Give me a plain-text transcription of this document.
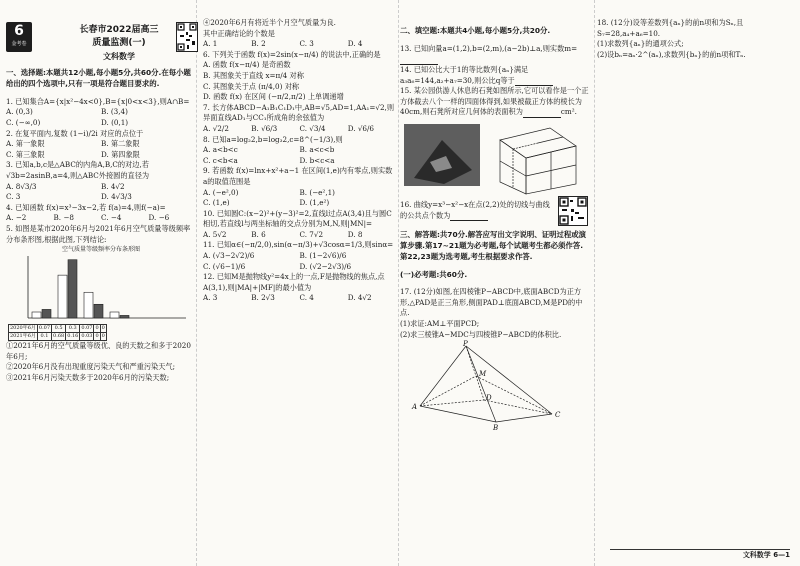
6
金考卷
长春市2022届高三
质量监测(一)
文科数学

一、选择题:本题共12小题,每小题5分,共60分.在每小题给出的四个选项中,只有一项是符合题目要求的.

1. 已知集合A={x|x²−4x<0},B={x|0<x<3},则A∩B=

A. (0,3)	B. (3,4)
C. (−∞,0)	D. (0,1)

2. 在复平面内,复数 (1−i)/2i 对应的点位于

A. 第一象限	B. 第二象限
C. 第三象限	D. 第四象限

3. 已知a,b,c是△ABC的内角A,B,C的对边,若√3b=2asinB,a=4,则△ABC外接圆的直径为

A. 8√3/3	B. 4√2
C. 3	D. 4√3/3

4. 已知函数 f(x)=x³−3x−2,若 f(a)=4,则f(−a)=

A. −2	B. −8	C. −4	D. −6

5. 如图是某市2020年6月与2021年6月空气质量等级频率分布条形图,根据此图,下列结论:

空气质量等级频率分布条形图

2020年6月	0.07	0.5	0.3	0.07	0	0
2021年6月	0.1	0.68	0.16	0.03	0	0

①2021年6月的空气质量等级优、良的天数之和多于2020年6月;

②2020年6月没有出现重度污染天气和严重污染天气;

③2021年6月污染天数多于2020年6月的污染天数;

④2020年6月有将近半个月空气质量为良.

其中正确结论的个数是

A. 1	B. 2	C. 3	D. 4

6. 下列关于函数 f(x)=2sin(x−π/4) 的说法中,正确的是

A. 函数 f(x−π/4) 是奇函数

B. 其图象关于直线 x=π/4 对称

C. 其图象关于点 (π/4,0) 对称

D. 函数 f(x) 在区间 (−π/2,π/2) 上单调递增

7. 长方体ABCD−A₁B₁C₁D₁中,AB=√5,AD=1,AA₁=√2,则异面直线AD₁与CC₁所成角的余弦值为

A. √2/2	B. √6/3	C. √3/4	D. √6/6

8. 已知a=log₂2,b=log₃2,c=8^(−1/3),则

A. a<b<c	B. a<c<b
C. c<b<a	D. b<c<a

9. 若函数 f(x)=lnx+x²+a−1 在区间(1,e)内有零点,则实数a的取值范围是

A. (−e²,0)	B. (−e²,1)
C. (1,e)	D. (1,e²)

10. 已知圆C:(x−2)²+(y−3)²=2,直线l过点A(3,4)且与圆C相切,若直线l与两坐标轴的交点分别为M,N,则|MN|=

A. 5√2	B. 6	C. 7√2	D. 8

11. 已知α∈(−π/2,0),sin(α−π/3)+√3cosα=1/3,则sinα=

A. (√3−2√2)/6	B. (1−2√6)/6
C. (√6−1)/6	D. (√2−2√3)/6

12. 已知M是抛物线y²=4x上的一点,F是抛物线的焦点,点A(3,1),则|MA|+|MF|的最小值为

A. 3	B. 2√3	C. 4	D. 4√2

二、填空题:本题共4小题,每小题5分,共20分.

13. 已知向量a=(1,2),b=(2,m),(a−2b)⊥a,则实数m=

14. 已知公比大于1的等比数列{aₙ}满足a₃a₆=144,a₂+a₇=30,则公比q等于

15. 某公园供游人休息的石凳如图所示,它可以看作是一个正方体截去八个一样的四面体得到,如果被截正方体的棱长为40cm,则石凳所对应几何体的表面积为	cm².

16. 曲线y=x³−x²−x在点(2,2)处的切线与曲线的公共点个数为

三、解答题:共70分.解答应写出文字说明、证明过程或演算步骤.第17~21题为必考题,每个试题考生都必须作答.第22,23题为选考题,考生根据要求作答.

(一)必考题:共60分.

17. (12分)如图,在四棱锥P−ABCD中,底面ABCD为正方形,△PAD是正三角形,侧面PAD⊥底面ABCD,M是PD的中点.

(1)求证:AM⊥平面PCD;

(2)求三棱锥A−MDC与四棱锥P−ABCD的体积比.

P
M
D
A
B
C

18. (12分)设等差数列{aₙ}的前n项和为Sₙ,且S₇=28,a₄+a₆=10.

(1)求数列{aₙ}的通项公式;

(2)设bₙ=aₙ·2^(aₙ),求数列{bₙ}的前n项和Tₙ.

文科数学 6—1
